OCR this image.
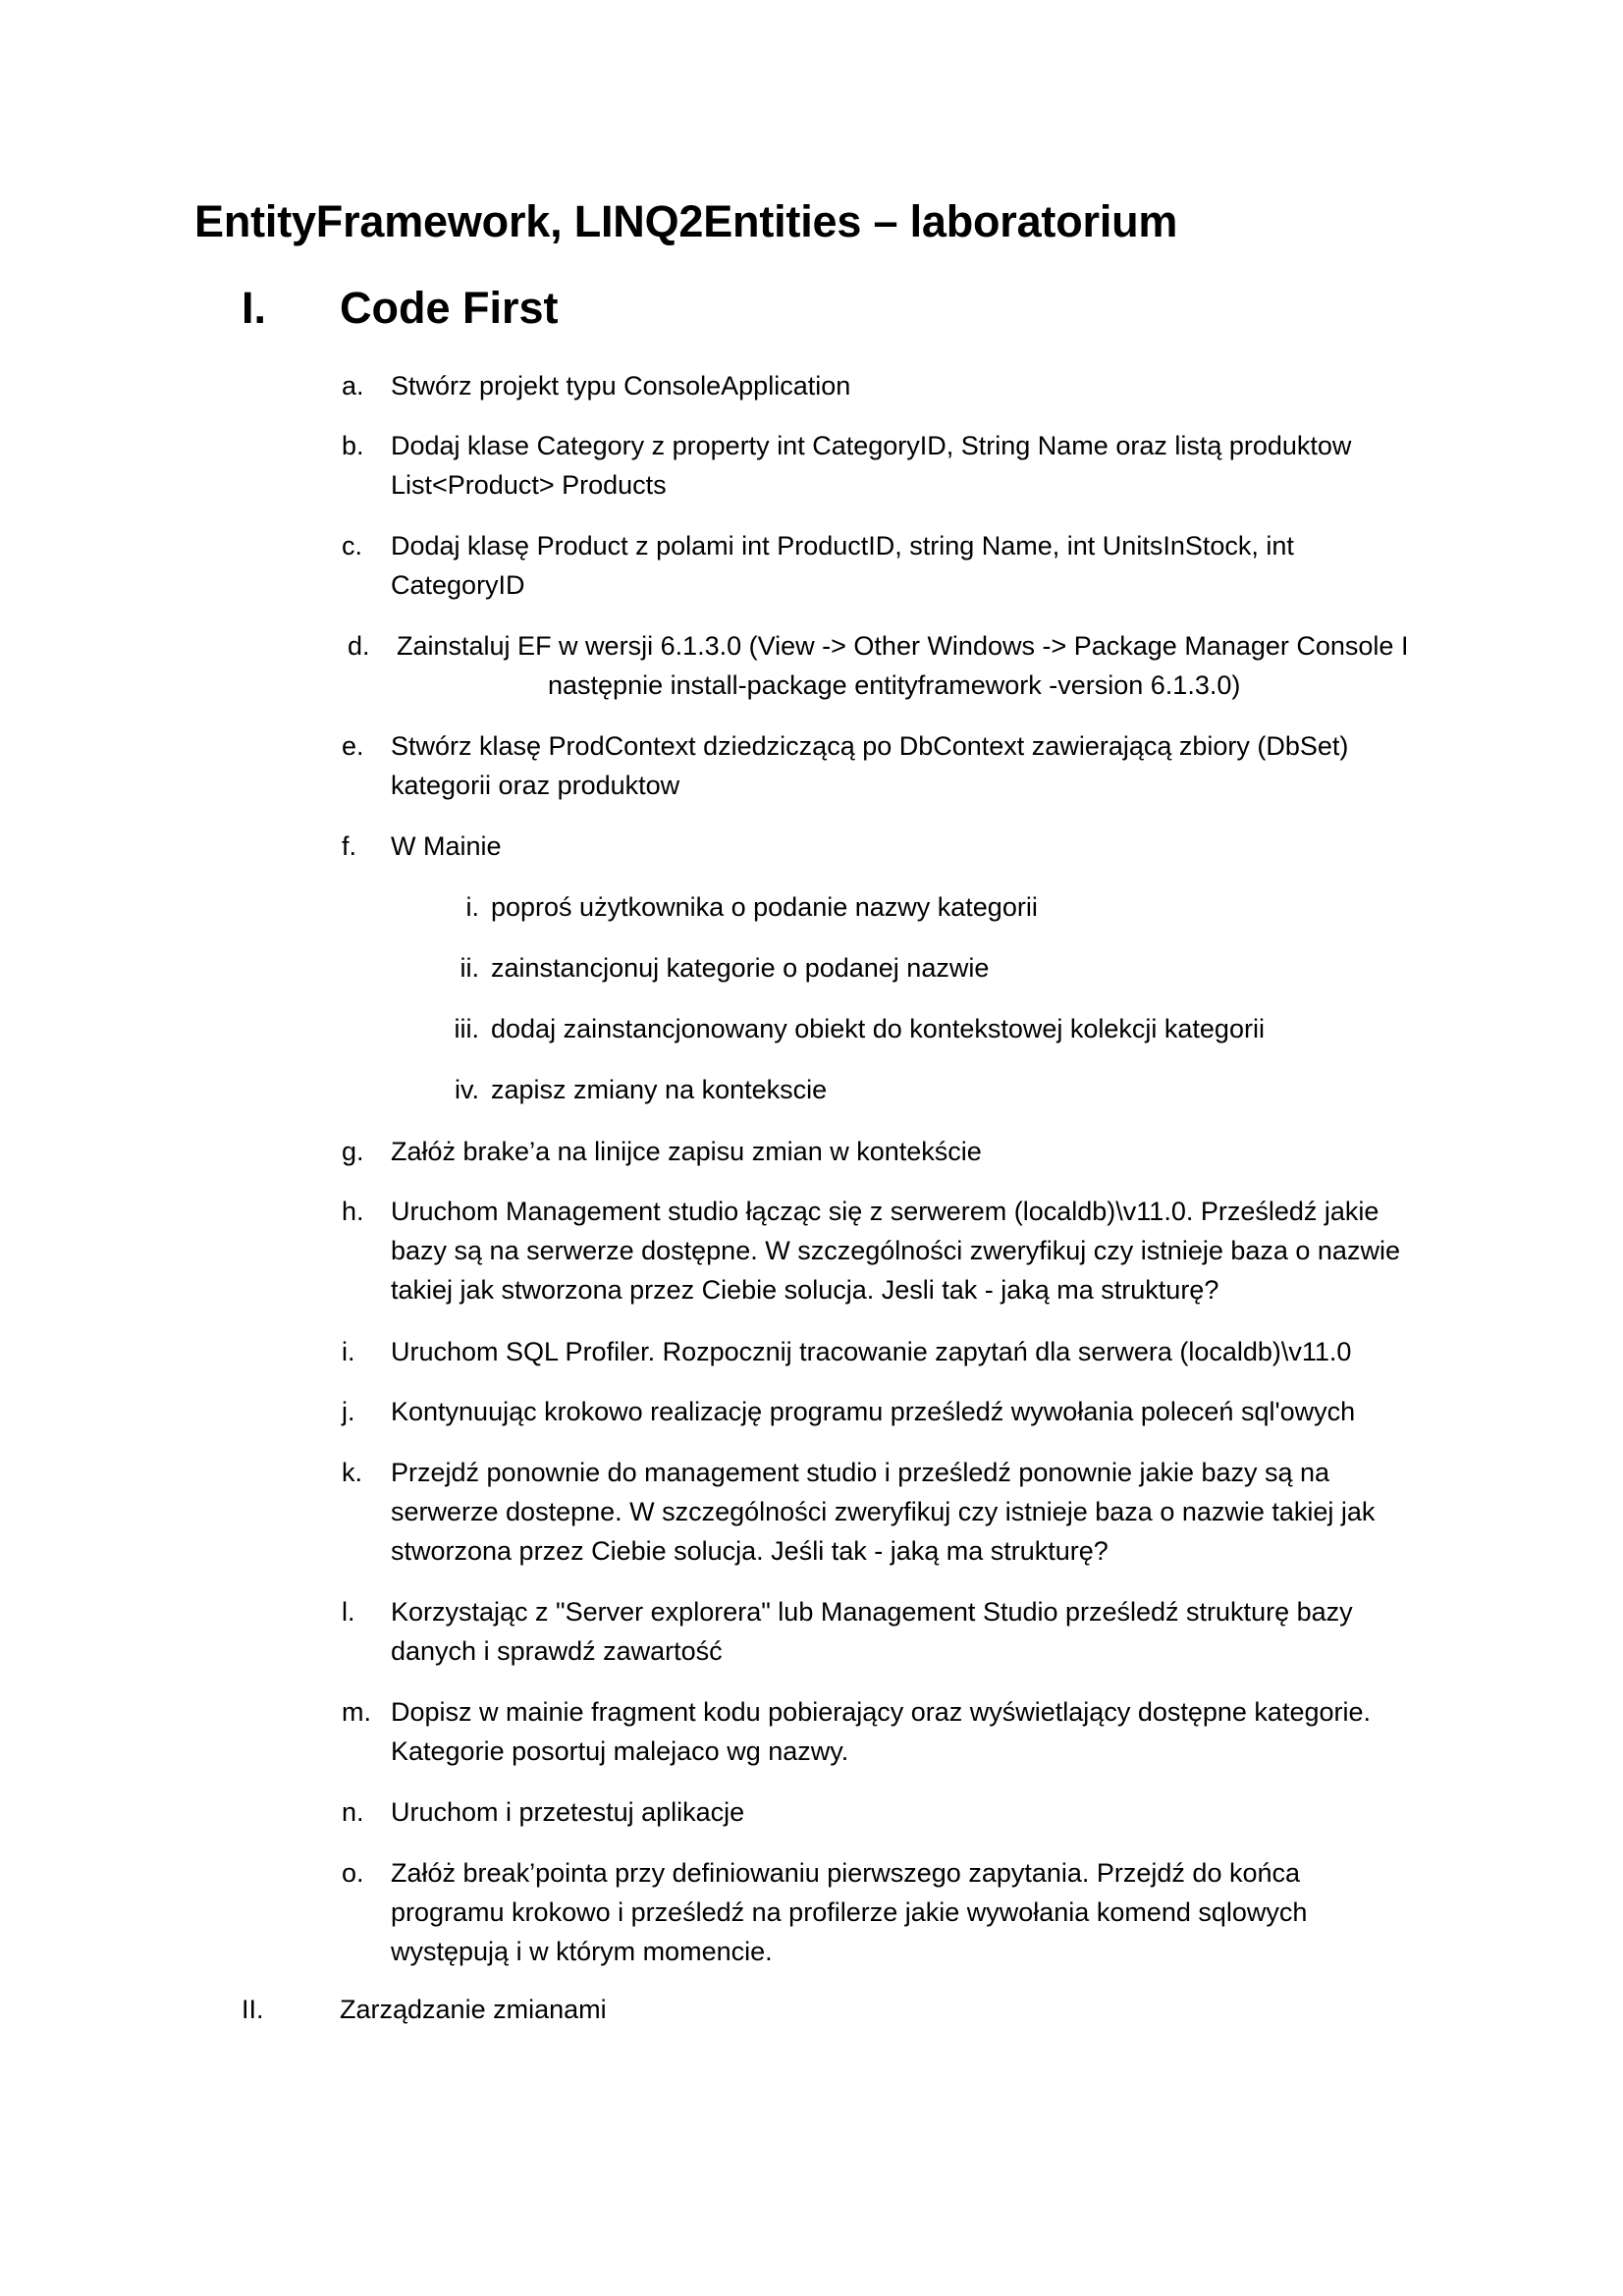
EntityFramework, LINQ2Entities – laboratorium
I. Code First
a.	Stwórz projekt typu ConsoleApplication
b.	Dodaj klase Category z property int CategoryID, String Name oraz listą produktow
List<Product> Products
c.	Dodaj klasę Product z polami int ProductID, string Name, int UnitsInStock, int
CategoryID
d.	Zainstaluj EF w wersji 6.1.3.0 (View -> Other Windows -> Package Manager Console I
następnie install-package entityframework -version 6.1.3.0)
e.	Stwórz klasę ProdContext dziedziczącą po DbContext zawierającą zbiory (DbSet)
kategorii oraz produktow
f.	W Mainie
i. poproś użytkownika o podanie nazwy kategorii
ii. zainstancjonuj kategorie o podanej nazwie
iii. dodaj zainstancjonowany obiekt do kontekstowej kolekcji kategorii
iv. zapisz zmiany na kontekscie
g.	Załóż brake’a na linijce zapisu zmian w kontekście
h.	Uruchom Management studio łącząc się z serwerem (localdb)\v11.0. Prześledź jakie
bazy są na serwerze dostępne. W szczególności zweryfikuj czy istnieje baza o nazwie
takiej jak stworzona przez Ciebie solucja. Jesli tak - jaką ma strukturę?
i.	Uruchom SQL Profiler. Rozpocznij tracowanie zapytań dla serwera (localdb)\v11.0
j.	Kontynuując krokowo realizację programu prześledź wywołania poleceń sql'owych
k.	Przejdź ponownie do management studio i prześledź ponownie jakie bazy są na
serwerze dostepne. W szczególności zweryfikuj czy istnieje baza o nazwie takiej jak
stworzona przez Ciebie solucja. Jeśli tak - jaką ma strukturę?
l.	Korzystając z "Server explorera" lub Management Studio prześledź strukturę bazy
danych i sprawdź zawartość
m. Dopisz w mainie fragment kodu pobierający oraz wyświetlający dostępne kategorie.
Kategorie posortuj malejaco wg nazwy.
n.	Uruchom i przetestuj aplikacje
o.	Załóż break’pointa przy definiowaniu pierwszego zapytania. Przejdź do końca
programu krokowo i prześledź na profilerze jakie wywołania komend sqlowych
występują i w którym momencie.
II.	Zarządzanie zmianami
